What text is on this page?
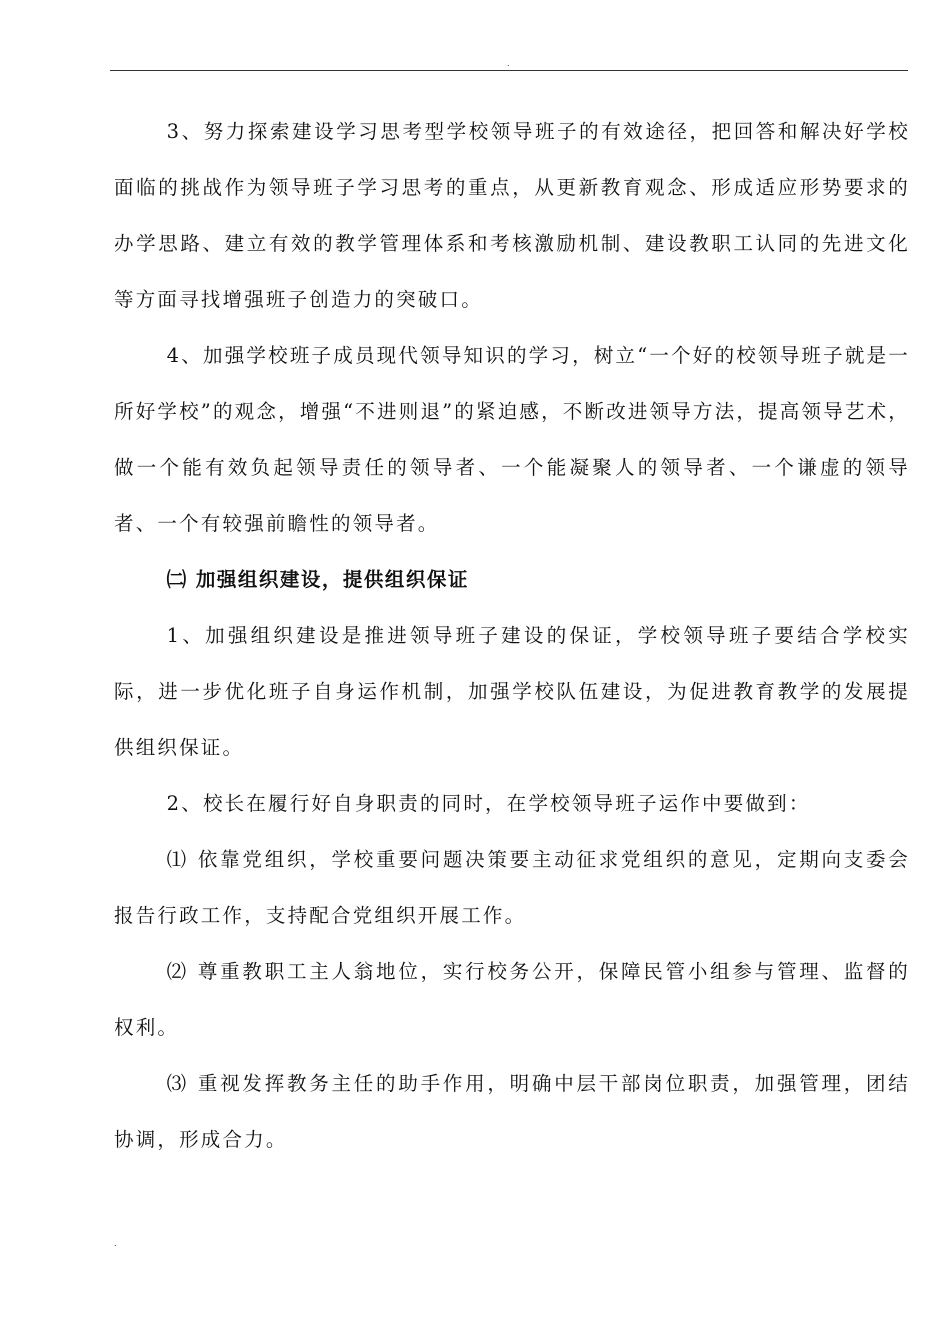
.

3、努力探索建设学习思考型学校领导班子的有效途径，把回答和解决好学校面临的挑战作为领导班子学习思考的重点，从更新教育观念、形成适应形势要求的办学思路、建立有效的教学管理体系和考核激励机制、建设教职工认同的先进文化等方面寻找增强班子创造力的突破口。

4、加强学校班子成员现代领导知识的学习，树立“一个好的校领导班子就是一所好学校”的观念，增强“不进则退”的紧迫感，不断改进领导方法，提高领导艺术，做一个能有效负起领导责任的领导者、一个能凝聚人的领导者、一个谦虚的领导者、一个有较强前瞻性的领导者。

㈡ 加强组织建设，提供组织保证

1、加强组织建设是推进领导班子建设的保证，学校领导班子要结合学校实际，进一步优化班子自身运作机制，加强学校队伍建设，为促进教育教学的发展提供组织保证。

2、校长在履行好自身职责的同时，在学校领导班子运作中要做到：

⑴ 依靠党组织，学校重要问题决策要主动征求党组织的意见，定期向支委会报告行政工作，支持配合党组织开展工作。

⑵ 尊重教职工主人翁地位，实行校务公开，保障民管小组参与管理、监督的权利。

⑶ 重视发挥教务主任的助手作用，明确中层干部岗位职责，加强管理，团结协调，形成合力。

.
